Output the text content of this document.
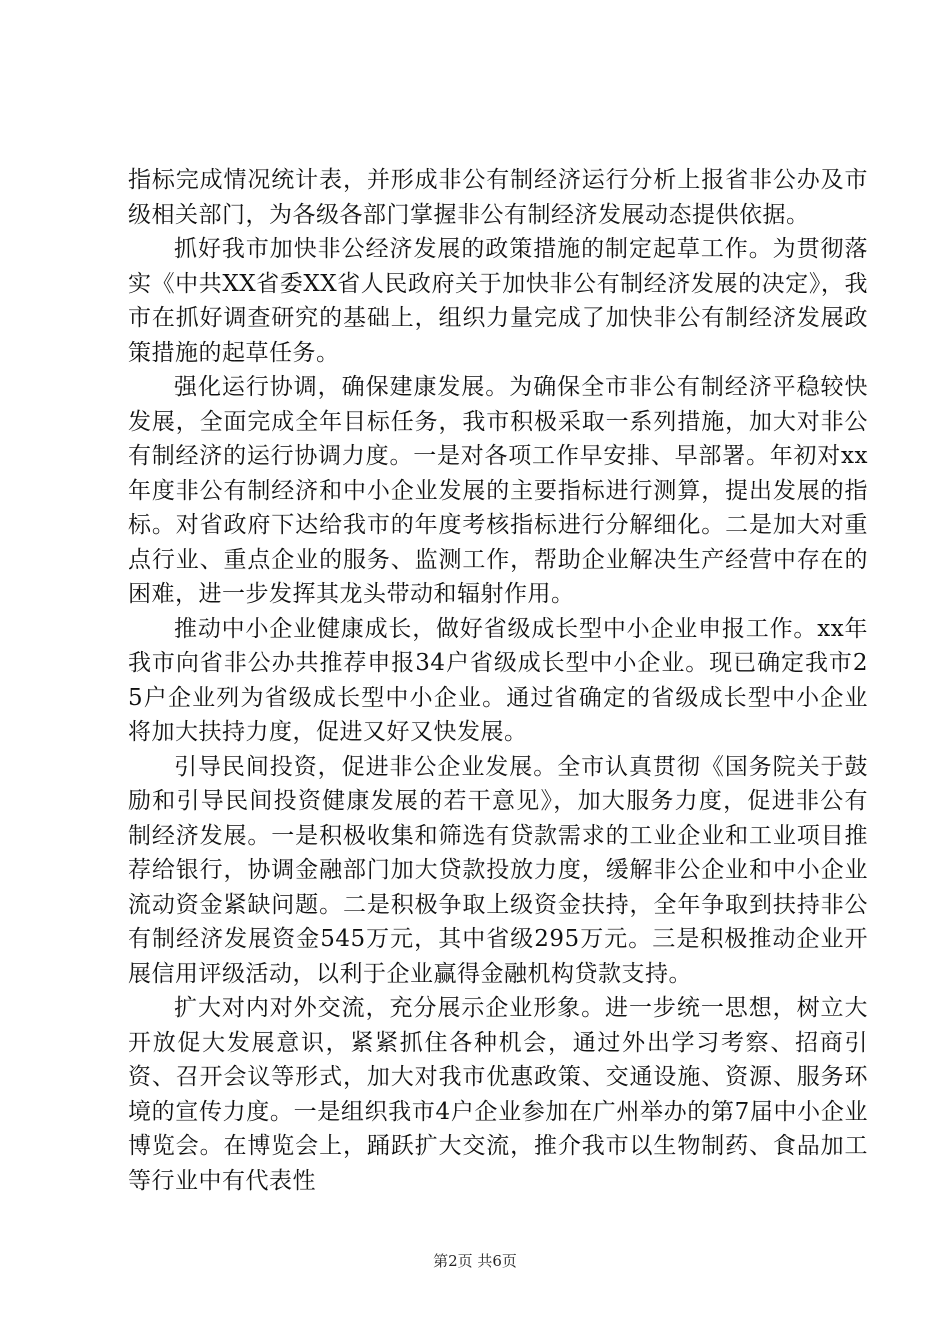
指标完成情况统计表，并形成非公有制经济运行分析上报省非公办及市级相关部门，为各级各部门掌握非公有制经济发展动态提供依据。

抓好我市加快非公经济发展的政策措施的制定起草工作。为贯彻落实《中共XX省委XX省人民政府关于加快非公有制经济发展的决定》，我市在抓好调查研究的基础上，组织力量完成了加快非公有制经济发展政策措施的起草任务。

强化运行协调，确保建康发展。为确保全市非公有制经济平稳较快发展，全面完成全年目标任务，我市积极采取一系列措施，加大对非公有制经济的运行协调力度。一是对各项工作早安排、早部署。年初对xx年度非公有制经济和中小企业发展的主要指标进行测算，提出发展的指标。对省政府下达给我市的年度考核指标进行分解细化。二是加大对重点行业、重点企业的服务、监测工作，帮助企业解决生产经营中存在的困难，进一步发挥其龙头带动和辐射作用。

推动中小企业健康成长，做好省级成长型中小企业申报工作。xx年我市向省非公办共推荐申报34户省级成长型中小企业。现已确定我市25户企业列为省级成长型中小企业。通过省确定的省级成长型中小企业将加大扶持力度，促进又好又快发展。

引导民间投资，促进非公企业发展。全市认真贯彻《国务院关于鼓励和引导民间投资健康发展的若干意见》，加大服务力度，促进非公有制经济发展。一是积极收集和筛选有贷款需求的工业企业和工业项目推荐给银行，协调金融部门加大贷款投放力度，缓解非公企业和中小企业流动资金紧缺问题。二是积极争取上级资金扶持，全年争取到扶持非公有制经济发展资金545万元，其中省级295万元。三是积极推动企业开展信用评级活动，以利于企业赢得金融机构贷款支持。

扩大对内对外交流，充分展示企业形象。进一步统一思想，树立大开放促大发展意识，紧紧抓住各种机会，通过外出学习考察、招商引资、召开会议等形式，加大对我市优惠政策、交通设施、资源、服务环境的宣传力度。一是组织我市4户企业参加在广州举办的第7届中小企业博览会。在博览会上，踊跃扩大交流，推介我市以生物制药、食品加工等行业中有代表性

第2页 共6页
